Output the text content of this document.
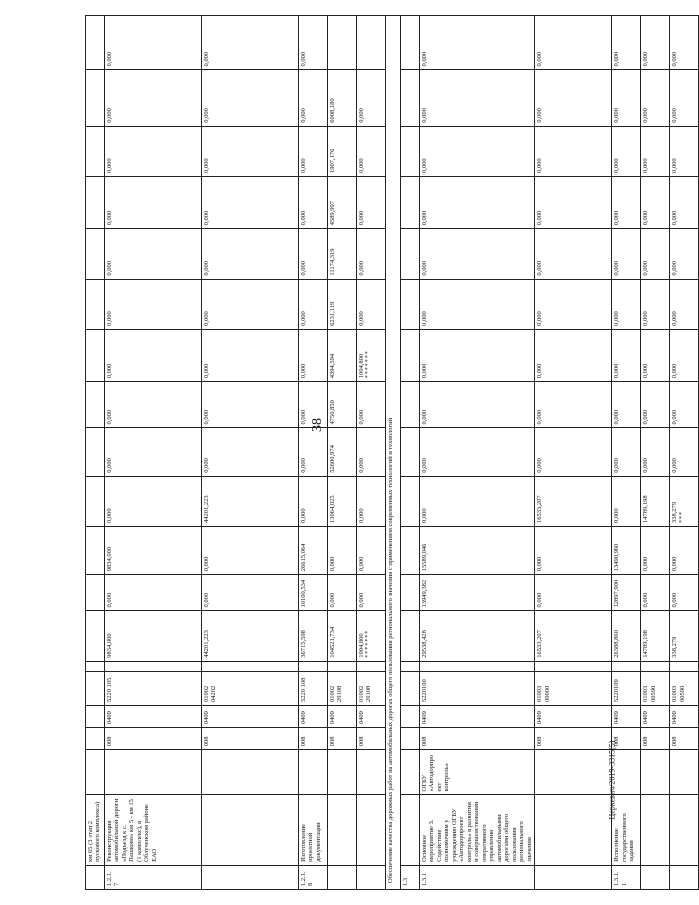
38
Церкевич/2019-3315(5)
	км 65 (3 этап 2 пускового комплекса)																		
1.2.1.7	Реконструкция автомобильной дороги «Подъезд к с. Пашково» км 5 - км 15 (1 комплекс), в Облученском районе ЕАО		008	0409	5220 105		9834,000	0,000	9834,000	0,000	0,000	0,000	0,000	0,000	0,000	0,000	0,000	0,000	0,000
			008	0409	01002 04202		44201,223	0,000	0,000	44201,223	0,000	0,000	0,000	0,000	0,000	0,000	0,000	0,000	0,000
1.2.1.8	Изготовление проектной документации		008	0409	5220 108		36715,598	10100,534	26615,064	0,000	0,000	0,000	0,000	0,000	0,000	0,000	0,000	0,000	0,000
			008	0409	01002 20108		104521,734	0,000	0,000	13064,025	52600,974	4750,850	4394,594	6231,119	11174,319	4589,997	1907,176	6008,180	
			008	0409	01002 20108		1004,800 *******	0,000	0,000	0,000	0,000	0,000	1004,800 *******	0,000	0,000	0,000	0,000	0,000	
Обеспечение качества дорожных работ на автомобильных дорогах общего пользования регионального значения с применением современных технологий и технологий																			
1.3																			
1.3.1	Основное мероприятие 3. Содействие полномочиям у учреждению ОГБУ «Автодорпроект контроль» в развитии и совершенствовании оперативного управления автомобильными дорогами общего пользования регионального значения	ОГБУ «Автодорпроект контроль»	008	0409	5220100		29538,428	13949,382	15589,046	0,000	0,000	0,000	0,000	0,000	0,000	0,000	0,000	0,000	0,000
			008	0409	01003 00000		16533,207	0,000	0,000	16533,207	0,000	0,000	0,000	0,000	0,000	0,000	0,000	0,000	0,000
1.3.1.1	Исполнение государственного задания		008	0409	5220109		26388,860	12897,900	13490,960	0,000	0,000	0,000	0,000	0,000	0,000	0,000	0,000	0,000	0,000
			008	0409	01003 00590		14789,198	0,000	0,000	14789,198	0,000	0,000	0,000	0,000	0,000	0,000	0,000	0,000	0,000
			008	0409	01003 00590		338,279	0,000	0,000	338,279 ***	0,000	0,000	0,000	0,000	0,000	0,000	0,000	0,000	0,000
